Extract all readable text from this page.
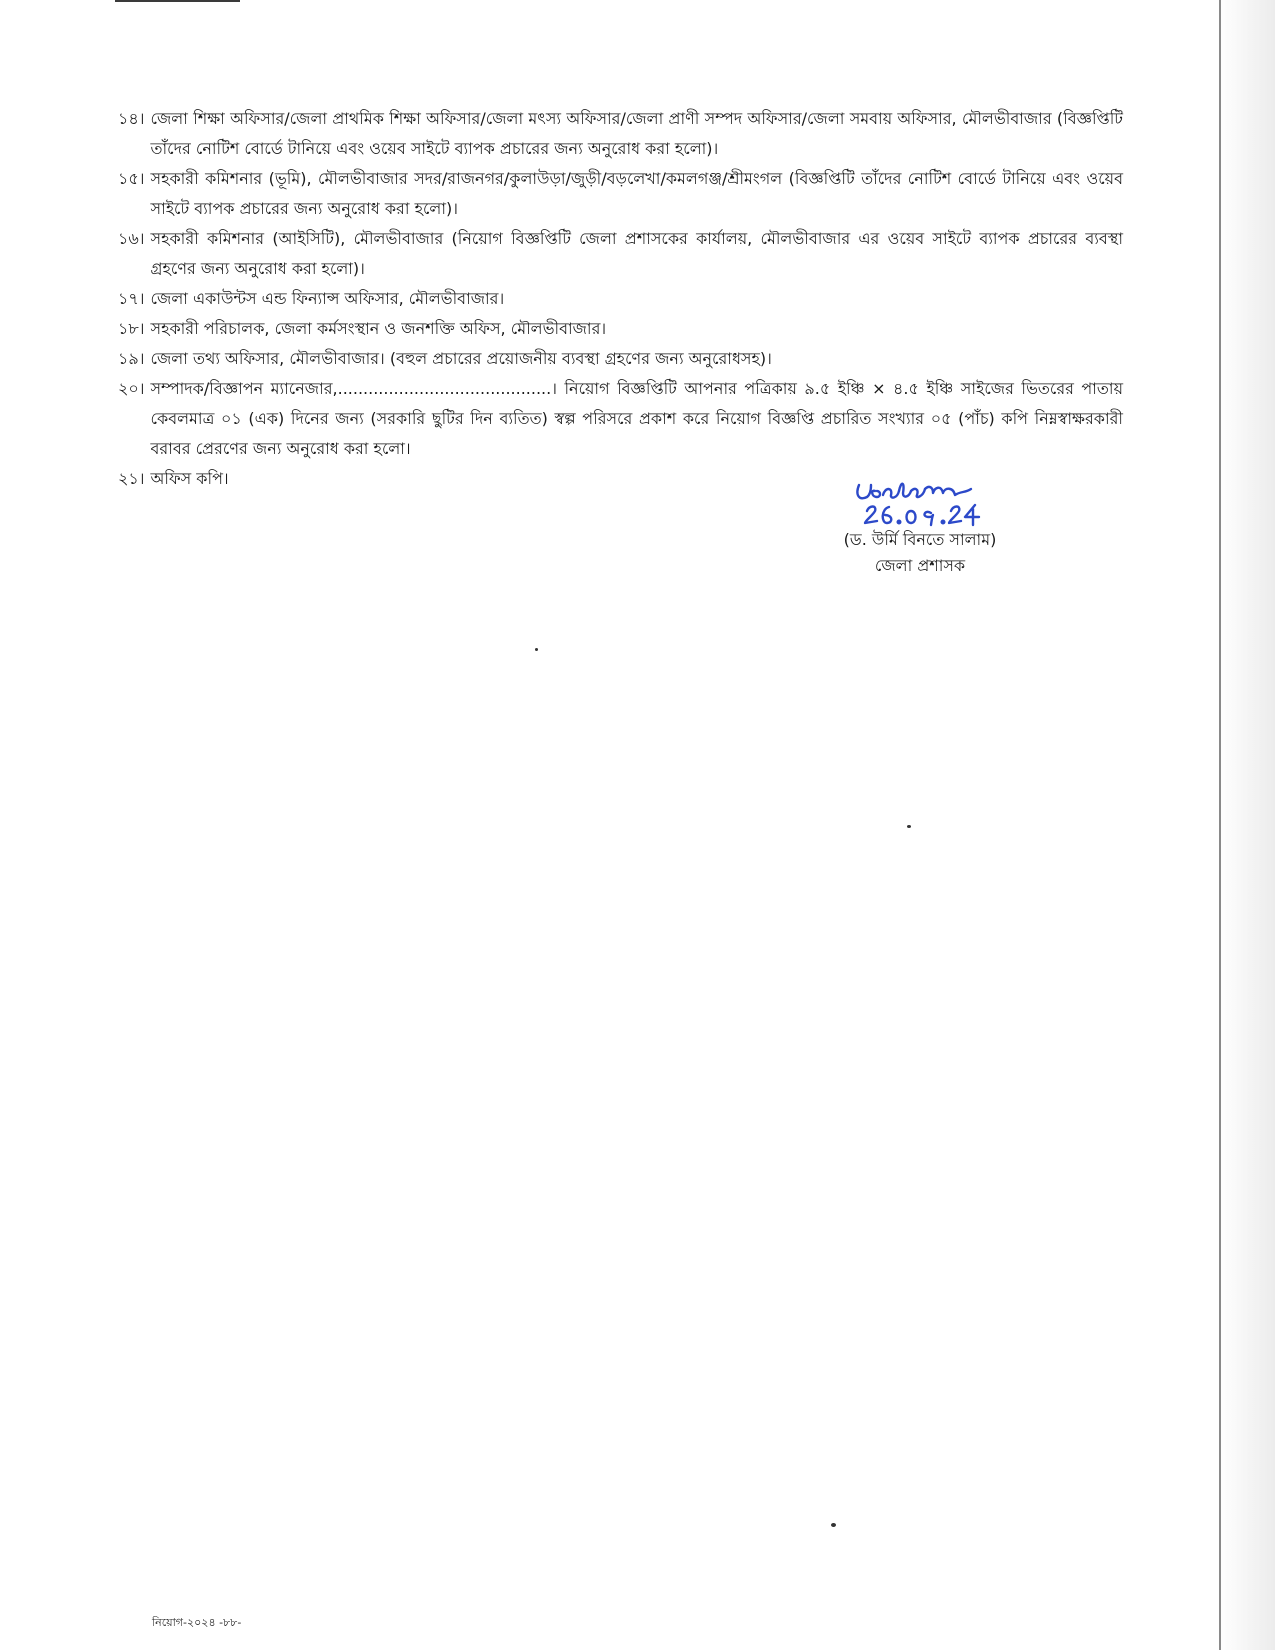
১৪। জেলা শিক্ষা অফিসার/জেলা প্রাথমিক শিক্ষা অফিসার/জেলা মৎস্য অফিসার/জেলা প্রাণী সম্পদ অফিসার/জেলা সমবায় অফিসার, মৌলভীবাজার (বিজ্ঞপ্তিটি তাঁদের নোটিশ বোর্ডে টানিয়ে এবং ওয়েব সাইটে ব্যাপক প্রচারের জন্য অনুরোধ করা হলো)।
১৫। সহকারী কমিশনার (ভূমি), মৌলভীবাজার সদর/রাজনগর/কুলাউড়া/জুড়ী/বড়লেখা/কমলগঞ্জ/শ্রীমংগল (বিজ্ঞপ্তিটি তাঁদের নোটিশ বোর্ডে টানিয়ে এবং ওয়েব সাইটে ব্যাপক প্রচারের জন্য অনুরোধ করা হলো)।
১৬। সহকারী কমিশনার (আইসিটি), মৌলভীবাজার (নিয়োগ বিজ্ঞপ্তিটি জেলা প্রশাসকের কার্যালয়, মৌলভীবাজার এর ওয়েব সাইটে ব্যাপক প্রচারের ব্যবস্থা গ্রহণের জন্য অনুরোধ করা হলো)।
১৭। জেলা একাউন্টস এন্ড ফিন্যান্স অফিসার, মৌলভীবাজার।
১৮। সহকারী পরিচালক, জেলা কর্মসংস্থান ও জনশক্তি অফিস, মৌলভীবাজার।
১৯। জেলা তথ্য অফিসার, মৌলভীবাজার। (বহুল প্রচারের প্রয়োজনীয় ব্যবস্থা গ্রহণের জন্য অনুরোধসহ)।
২০। সম্পাদক/বিজ্ঞাপন ম্যানেজার,..........................................। নিয়োগ বিজ্ঞপ্তিটি আপনার পত্রিকায় ৯.৫ ইঞ্চি × ৪.৫ ইঞ্চি সাইজের ভিতরের পাতায় কেবলমাত্র ০১ (এক) দিনের জন্য (সরকারি ছুটির দিন ব্যতিত) স্বল্প পরিসরে প্রকাশ করে নিয়োগ বিজ্ঞপ্তি প্রচারিত সংখ্যার ০৫ (পাঁচ) কপি নিম্নস্বাক্ষরকারী বরাবর প্রেরণের জন্য অনুরোধ করা হলো।
২১। অফিস কপি।
(ড. উর্মি বিনতে সালাম)
জেলা প্রশাসক
নিয়োগ-২০২৪ -৮৮-
